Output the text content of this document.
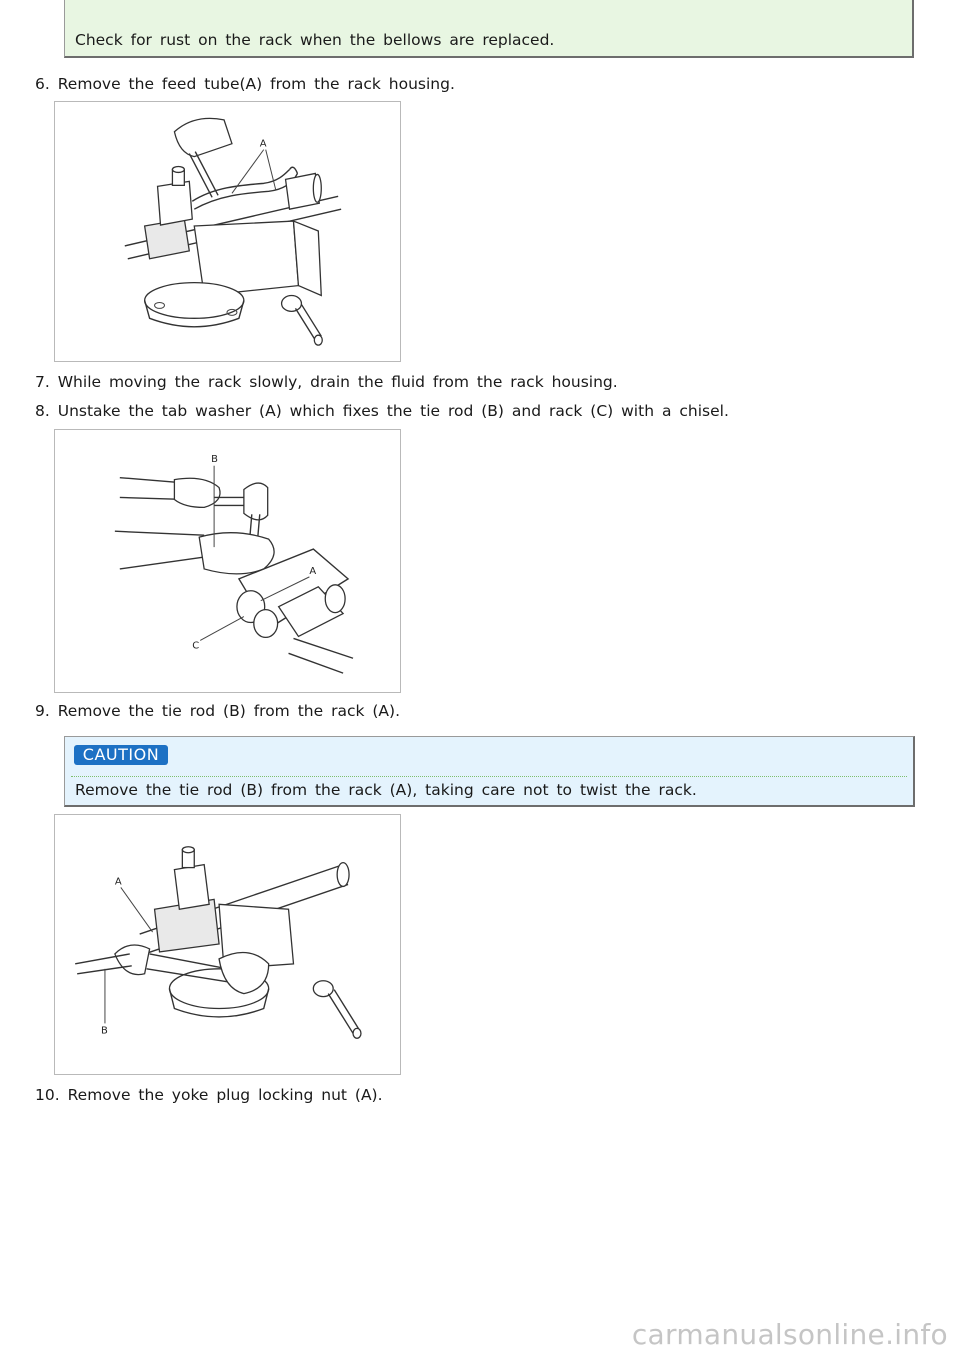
Check for rust on the rack when the bellows are replaced.
6. Remove the feed tube(A) from the rack housing.
A
7. While moving the rack slowly, drain the fluid from the rack housing.
8. Unstake the tab washer (A) which fixes the tie rod (B) and rack (C) with a chisel.
B
A
C
9. Remove the tie rod (B) from the rack (A).
CAUTION
Remove the tie rod (B) from the rack (A), taking care not to twist the rack.
A
B
10. Remove the yoke plug locking nut (A).
carmanualsonline.info
